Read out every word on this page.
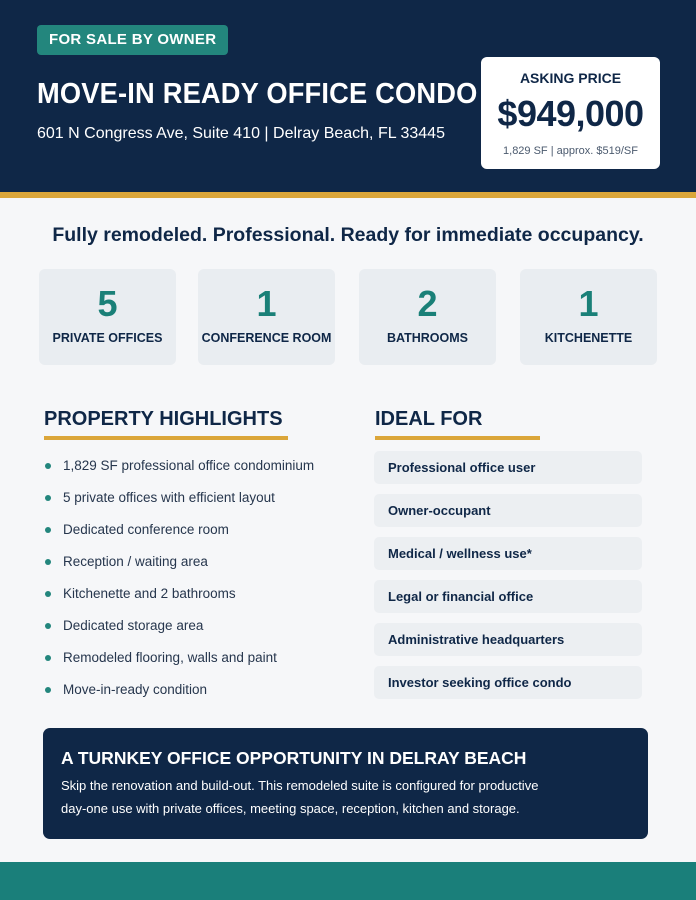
FOR SALE BY OWNER
MOVE-IN READY OFFICE CONDO
601 N Congress Ave, Suite 410 | Delray Beach, FL 33445
ASKING PRICE
$949,000
1,829 SF | approx. $519/SF
Fully remodeled. Professional. Ready for immediate occupancy.
5
PRIVATE OFFICES
1
CONFERENCE ROOM
2
BATHROOMS
1
KITCHENETTE
PROPERTY HIGHLIGHTS
1,829 SF professional office condominium
5 private offices with efficient layout
Dedicated conference room
Reception / waiting area
Kitchenette and 2 bathrooms
Dedicated storage area
Remodeled flooring, walls and paint
Move-in-ready condition
IDEAL FOR
Professional office user
Owner-occupant
Medical / wellness use*
Legal or financial office
Administrative headquarters
Investor seeking office condo
A TURNKEY OFFICE OPPORTUNITY IN DELRAY BEACH
Skip the renovation and build-out. This remodeled suite is configured for productive
day-one use with private offices, meeting space, reception, kitchen and storage.
